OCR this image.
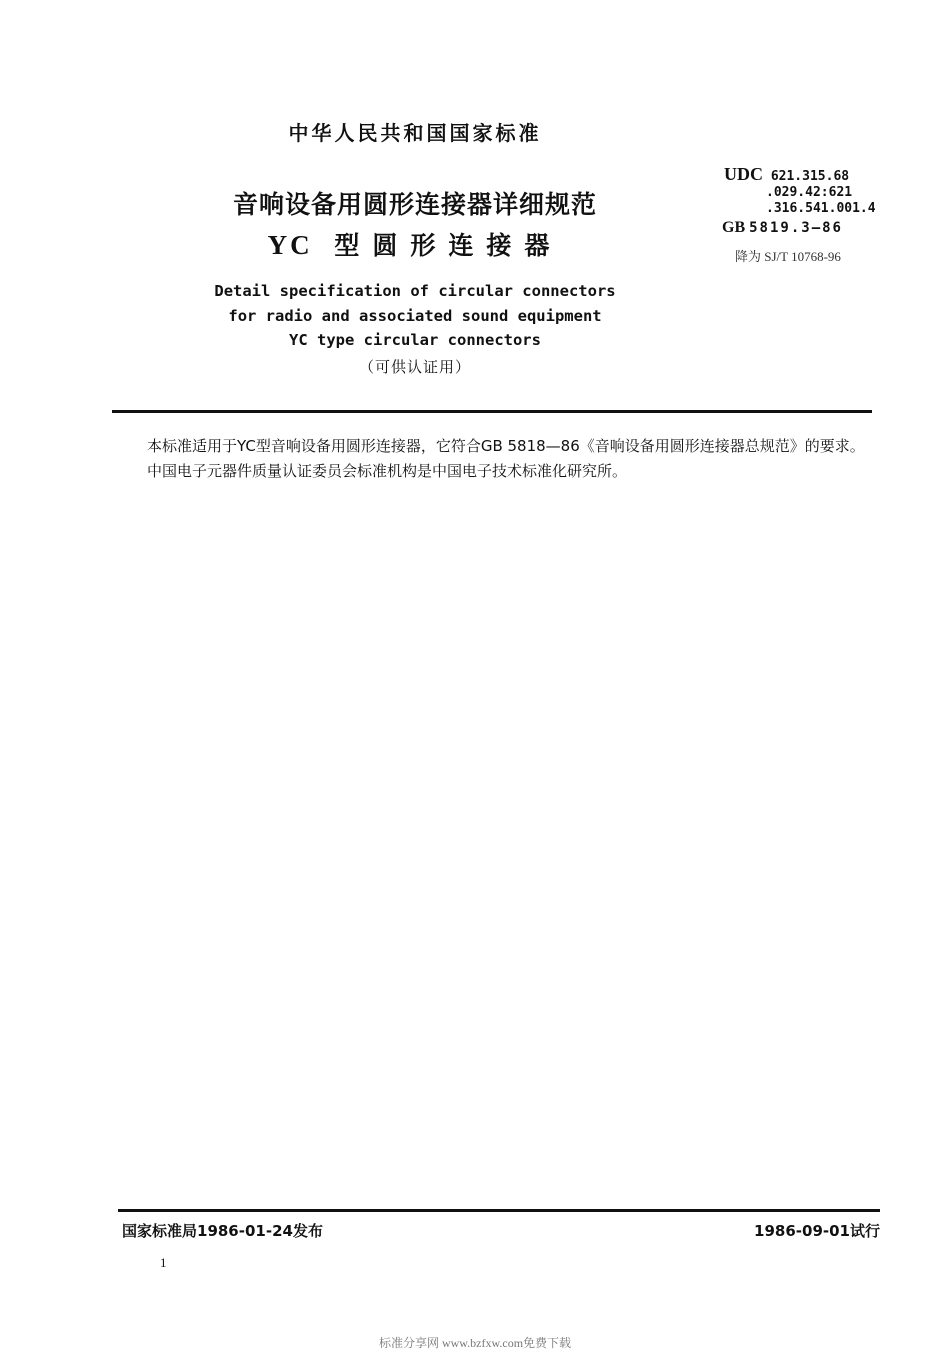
中华人民共和国国家标准
音响设备用圆形连接器详细规范
YC 型圆形连接器
Detail specification of circular connectors
for radio and associated sound equipment
YC type circular connectors
（可供认证用）
UDC 621.315.68
.029.42:621
.316.541.001.4
GB 5819.3—86
降为 SJ/T 10768-96

本标准适用于YC型音响设备用圆形连接器，它符合GB 5818—86《音响设备用圆形连接器总规范》的要求。

中国电子元器件质量认证委员会标准机构是中国电子技术标准化研究所。

国家标准局1986-01-24发布	1986-09-01试行
1
标准分享网 www.bzfxw.com免费下载
